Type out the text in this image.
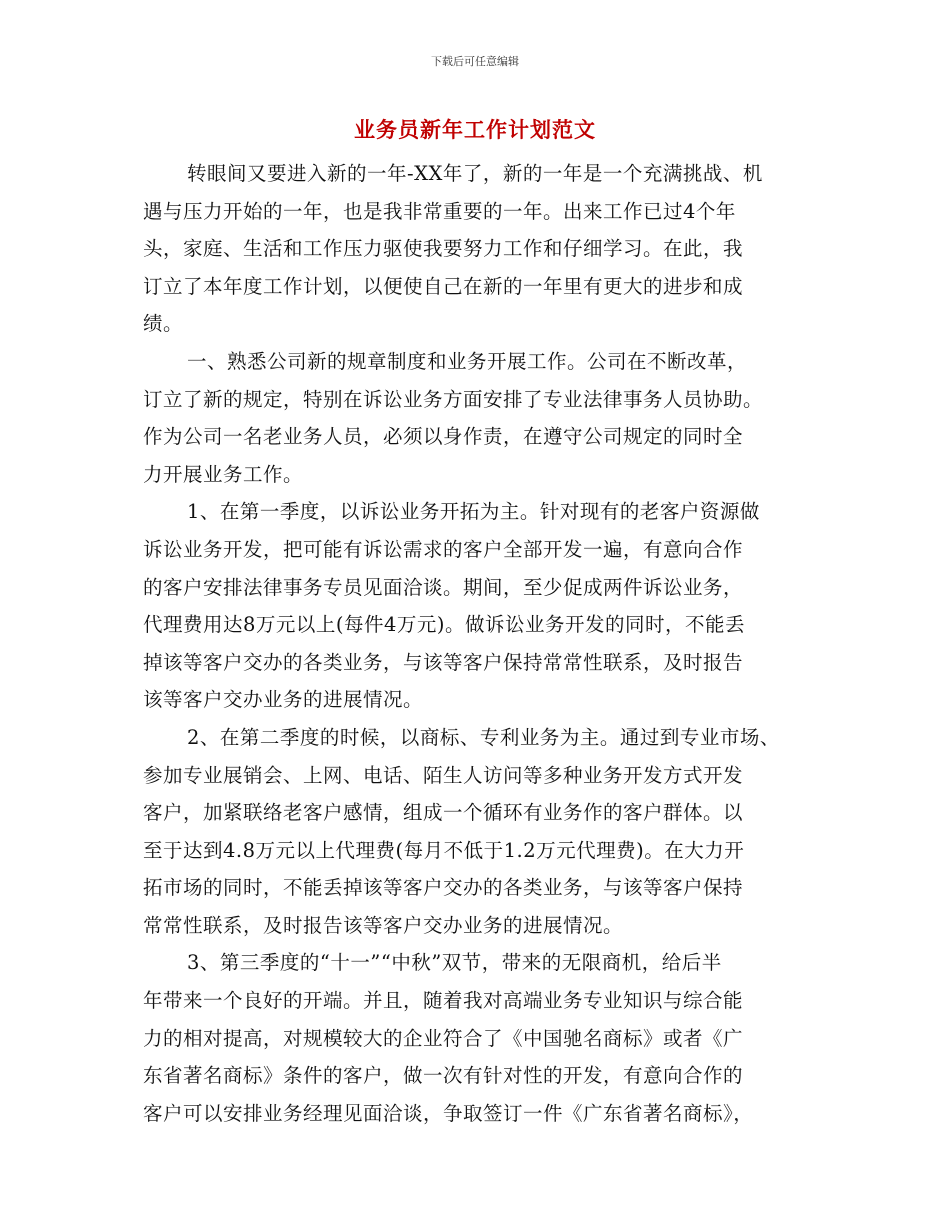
下载后可任意编辑
业务员新年工作计划范文
转眼间又要进入新的一年-XX年了，新的一年是一个充满挑战、机
遇与压力开始的一年，也是我非常重要的一年。出来工作已过4个年
头，家庭、生活和工作压力驱使我要努力工作和仔细学习。在此，我
订立了本年度工作计划，以便使自己在新的一年里有更大的进步和成
绩。
一、熟悉公司新的规章制度和业务开展工作。公司在不断改革，
订立了新的规定，特别在诉讼业务方面安排了专业法律事务人员协助。
作为公司一名老业务人员，必须以身作责，在遵守公司规定的同时全
力开展业务工作。
1、在第一季度，以诉讼业务开拓为主。针对现有的老客户资源做
诉讼业务开发，把可能有诉讼需求的客户全部开发一遍，有意向合作
的客户安排法律事务专员见面洽谈。期间，至少促成两件诉讼业务，
代理费用达8万元以上(每件4万元)。做诉讼业务开发的同时，不能丢
掉该等客户交办的各类业务，与该等客户保持常常性联系，及时报告
该等客户交办业务的进展情况。
2、在第二季度的时候，以商标、专利业务为主。通过到专业市场、
参加专业展销会、上网、电话、陌生人访问等多种业务开发方式开发
客户，加紧联络老客户感情，组成一个循环有业务作的客户群体。以
至于达到4.8万元以上代理费(每月不低于1.2万元代理费)。在大力开
拓市场的同时，不能丢掉该等客户交办的各类业务，与该等客户保持
常常性联系，及时报告该等客户交办业务的进展情况。
3、第三季度的“十一”“中秋”双节，带来的无限商机，给后半
年带来一个良好的开端。并且，随着我对高端业务专业知识与综合能
力的相对提高，对规模较大的企业符合了《中国驰名商标》或者《广
东省著名商标》条件的客户，做一次有针对性的开发，有意向合作的
客户可以安排业务经理见面洽谈，争取签订一件《广东省著名商标》，
